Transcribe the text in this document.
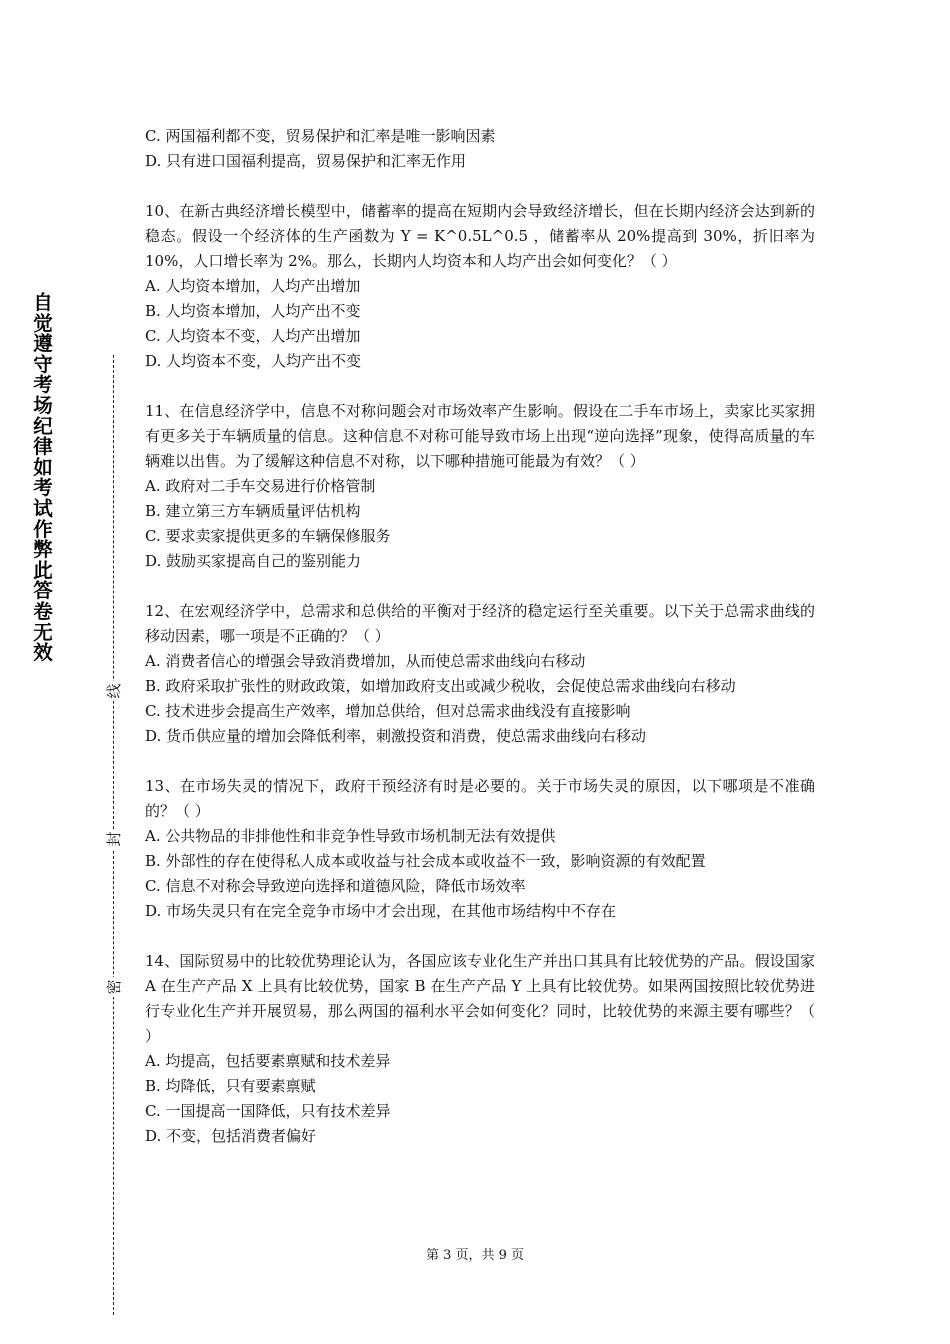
自觉遵守考场纪律如考试作弊此答卷无效
线
封
密
C. 两国福利都不变，贸易保护和汇率是唯一影响因素
D. 只有进口国福利提高，贸易保护和汇率无作用
10、在新古典经济增长模型中，储蓄率的提高在短期内会导致经济增长，但在长期内经济会达到新的稳态。假设一个经济体的生产函数为 Y = K^0.5L^0.5 ，储蓄率从 20%提高到 30%，折旧率为 10%，人口增长率为 2%。那么，长期内人均资本和人均产出会如何变化？（ ）
A. 人均资本增加，人均产出增加
B. 人均资本增加，人均产出不变
C. 人均资本不变，人均产出增加
D. 人均资本不变，人均产出不变
11、在信息经济学中，信息不对称问题会对市场效率产生影响。假设在二手车市场上，卖家比买家拥有更多关于车辆质量的信息。这种信息不对称可能导致市场上出现“逆向选择”现象，使得高质量的车辆难以出售。为了缓解这种信息不对称，以下哪种措施可能最为有效？（ ）
A. 政府对二手车交易进行价格管制
B. 建立第三方车辆质量评估机构
C. 要求卖家提供更多的车辆保修服务
D. 鼓励买家提高自己的鉴别能力
12、在宏观经济学中，总需求和总供给的平衡对于经济的稳定运行至关重要。以下关于总需求曲线的移动因素，哪一项是不正确的？（ ）
A. 消费者信心的增强会导致消费增加，从而使总需求曲线向右移动
B. 政府采取扩张性的财政政策，如增加政府支出或减少税收，会促使总需求曲线向右移动
C. 技术进步会提高生产效率，增加总供给，但对总需求曲线没有直接影响
D. 货币供应量的增加会降低利率，刺激投资和消费，使总需求曲线向右移动
13、在市场失灵的情况下，政府干预经济有时是必要的。关于市场失灵的原因，以下哪项是不准确的？（ ）
A. 公共物品的非排他性和非竞争性导致市场机制无法有效提供
B. 外部性的存在使得私人成本或收益与社会成本或收益不一致，影响资源的有效配置
C. 信息不对称会导致逆向选择和道德风险，降低市场效率
D. 市场失灵只有在完全竞争市场中才会出现，在其他市场结构中不存在
14、国际贸易中的比较优势理论认为，各国应该专业化生产并出口其具有比较优势的产品。假设国家 A 在生产产品 X 上具有比较优势，国家 B 在生产产品 Y 上具有比较优势。如果两国按照比较优势进行专业化生产并开展贸易，那么两国的福利水平会如何变化？同时，比较优势的来源主要有哪些？（ ）
A. 均提高，包括要素禀赋和技术差异
B. 均降低，只有要素禀赋
C. 一国提高一国降低，只有技术差异
D. 不变，包括消费者偏好
第 3 页，共 9 页
